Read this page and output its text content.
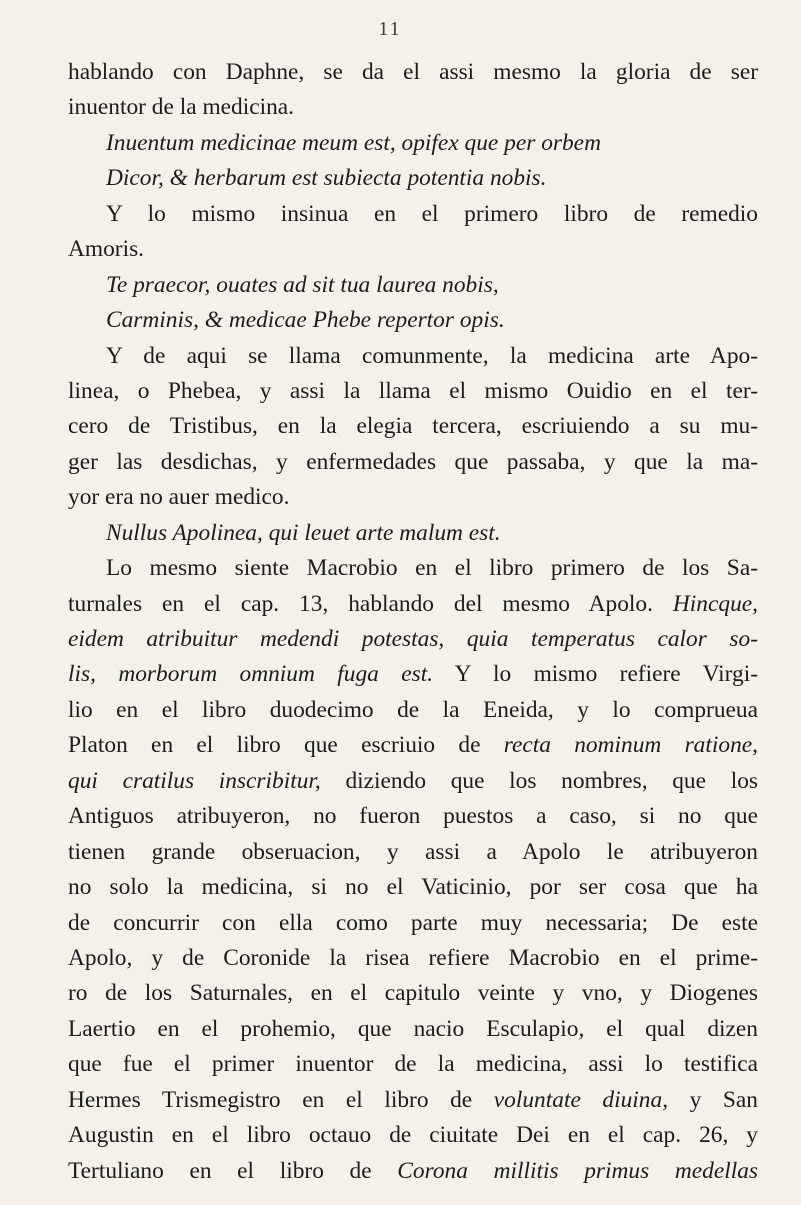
11
hablando con Daphne, se da el assi mesmo la gloria de ser
inuentor de la medicina.
Inuentum medicinae meum est, opifex que per orbem
Dicor, & herbarum est subiecta potentia nobis.
Y lo mismo insinua en el primero libro de remedio
Amoris.
Te praecor, ouates ad sit tua laurea nobis,
Carminis, & medicae Phebe repertor opis.
Y de aqui se llama comunmente, la medicina arte Apo-
linea, o Phebea, y assi la llama el mismo Ouidio en el ter-
cero de Tristibus, en la elegia tercera, escriuiendo a su mu-
ger las desdichas, y enfermedades que passaba, y que la ma-
yor era no auer medico.
Nullus Apolinea, qui leuet arte malum est.
Lo mesmo siente Macrobio en el libro primero de los Sa-
turnales en el cap. 13, hablando del mesmo Apolo. Hincque,
eidem atribuitur medendi potestas, quia temperatus calor so-
lis, morborum omnium fuga est. Y lo mismo refiere Virgi-
lio en el libro duodecimo de la Eneida, y lo comprueua
Platon en el libro que escriuio de recta nominum ratione,
qui cratilus inscribitur, diziendo que los nombres, que los
Antiguos atribuyeron, no fueron puestos a caso, si no que
tienen grande obseruacion, y assi a Apolo le atribuyeron
no solo la medicina, si no el Vaticinio, por ser cosa que ha
de concurrir con ella como parte muy necessaria; De este
Apolo, y de Coronide la risea refiere Macrobio en el prime-
ro de los Saturnales, en el capitulo veinte y vno, y Diogenes
Laertio en el prohemio, que nacio Esculapio, el qual dizen
que fue el primer inuentor de la medicina, assi lo testifica
Hermes Trismegistro en el libro de voluntate diuina, y San
Augustin en el libro octauo de ciuitate Dei en el cap. 26, y
Tertuliano en el libro de Corona millitis primus medellas
